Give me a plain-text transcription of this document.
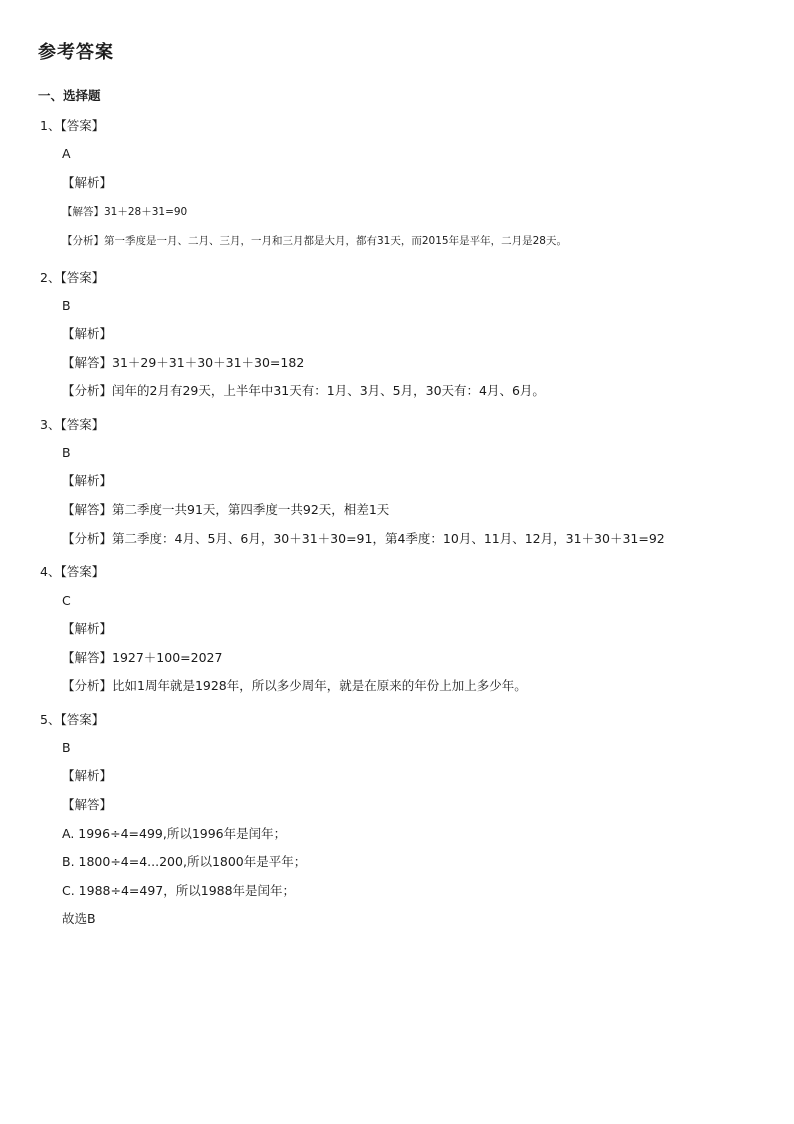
参考答案
一、选择题
1、【答案】
A
【解析】
【解答】31＋28＋31=90
【分析】第一季度是一月、二月、三月，一月和三月都是大月，都有31天，而2015年是平年，二月是28天。
2、【答案】
B
【解析】
【解答】31＋29＋31＋30＋31＋30=182
【分析】闰年的2月有29天，上半年中31天有：1月、3月、5月，30天有：4月、6月。
3、【答案】
B
【解析】
【解答】第二季度一共91天，第四季度一共92天，相差1天
【分析】第二季度：4月、5月、6月，30＋31＋30=91，第4季度：10月、11月、12月，31＋30＋31=92
4、【答案】
C
【解析】
【解答】1927＋100=2027
【分析】比如1周年就是1928年，所以多少周年，就是在原来的年份上加上多少年。
5、【答案】
B
【解析】
【解答】
A. 1996÷4=499,所以1996年是闰年；
B. 1800÷4=4...200,所以1800年是平年；
C. 1988÷4=497，所以1988年是闰年；
故选B
